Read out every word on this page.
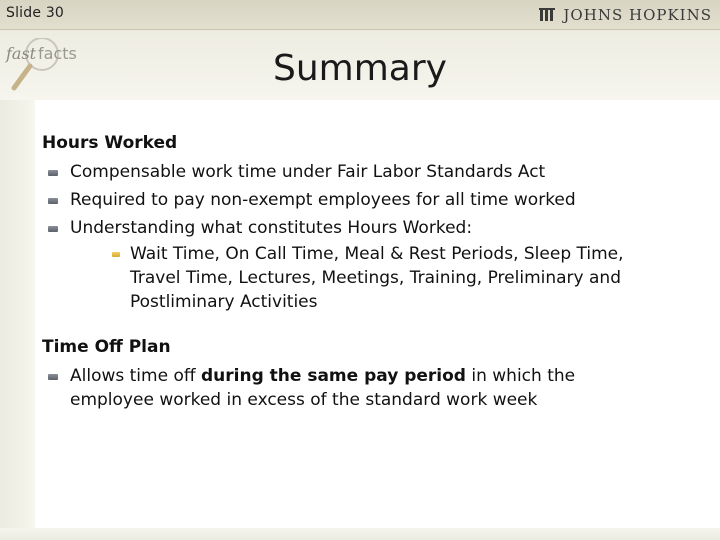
Slide 30	JOHNS HOPKINS
fast facts	Summary

Hours Worked

Compensable work time under Fair Labor Standards Act
Required to pay non-exempt employees for all time worked
Understanding what constitutes Hours Worked:
Wait Time, On Call Time, Meal & Rest Periods, Sleep Time, Travel Time, Lectures, Meetings, Training, Preliminary and Postliminary Activities

Time Off Plan

Allows time off during the same pay period in which the employee worked in excess of the standard work week
